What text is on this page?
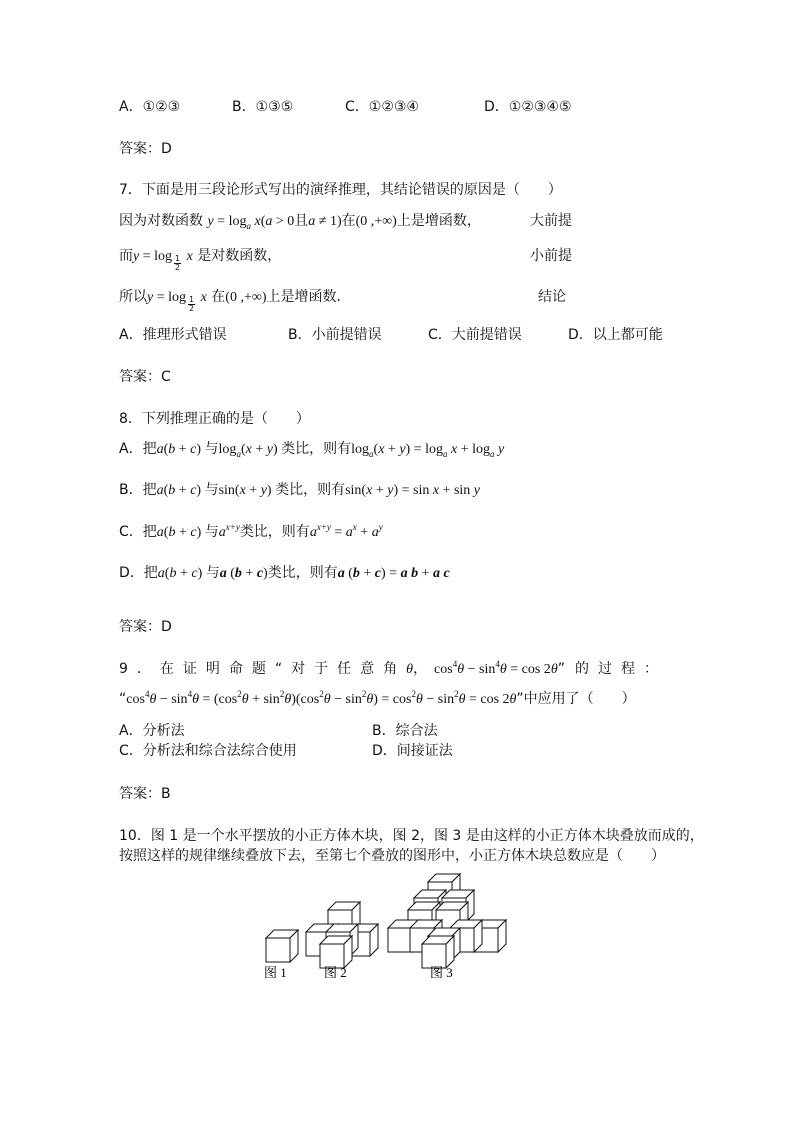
A．①②③	B．①③⑤	C．①②③④	D．①②③④⑤
答案：D
7．下面是用三段论形式写出的演绎推理，其结论错误的原因是（　　）
因为对数函数 $y = \log_a x(a > 0$且a ≠ 1)在(0 ,+∞)上是增函数，	大前提
而$y = \log \frac{1}{2}$ x 是对数函数，	小前提
所以$y = \log \frac{1}{2}$ x 在(0 ,+∞)上是增函数．	结论
A．推理形式错误	B．小前提错误	C．大前提错误	D．以上都可能
答案：C
8．下列推理正确的是（　　）
A．把a(b + c) 与$\log_a(x + y)$ 类比，则有$\log_a(x + y) = \log_a x + \log_a y$
B．把a(b + c) 与sin(x + y) 类比，则有sin(x + y) = sin x + sin y
C．把a(b + c) 与$a^{x+y}$类比，则有$a^{x+y} = a^x + a^y$
D．把a(b + c) 与a (b + c)类比，则有a (b + c) = a b + a c
答案：D
9．在证明命题“对于任意角θ，　$\cos^4\theta - \sin^4\theta = \cos 2\theta$” 的过程：
“$\cos^4\theta - \sin^4\theta = (\cos^2\theta + \sin^2\theta)(\cos^2\theta - \sin^2\theta) = \cos^2\theta - \sin^2\theta = \cos 2\theta$”中应用了（　　）
A．分析法	B．综合法
C．分析法和综合法综合使用	D．间接证法
答案：B
10．图 1 是一个水平摆放的小正方体木块，图 2，图 3 是由这样的小正方体木块叠放而成的，
按照这样的规律继续叠放下去，至第七个叠放的图形中，小正方体木块总数应是（　　）
图 1	图 2	图 3
